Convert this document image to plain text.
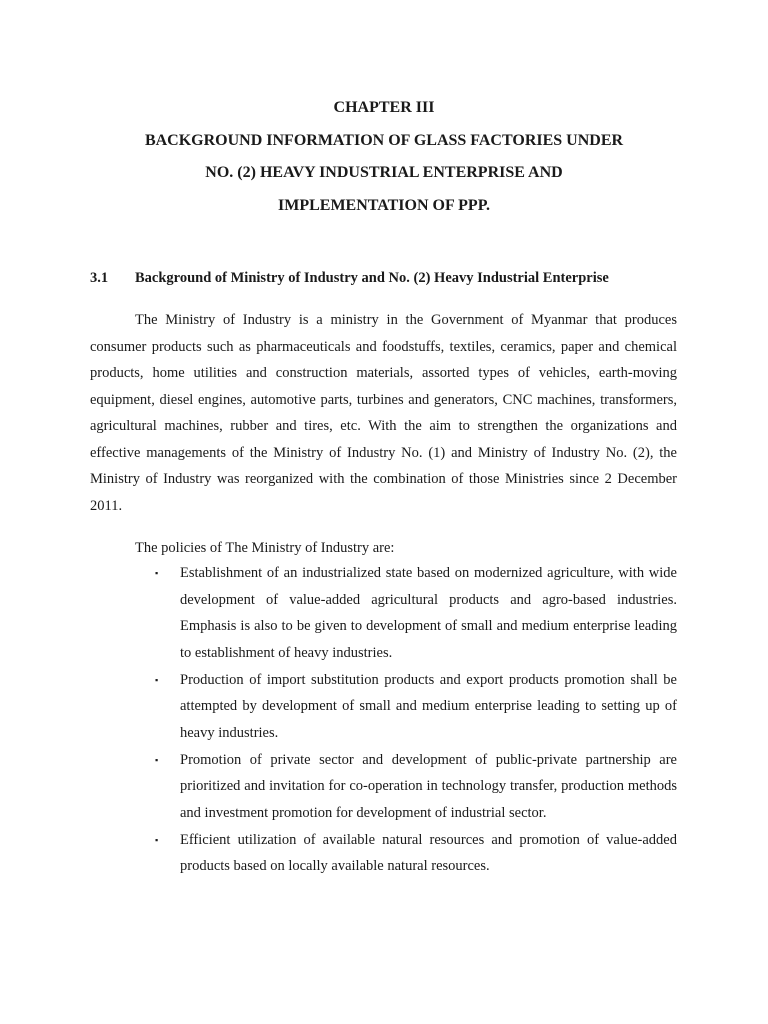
CHAPTER III
BACKGROUND INFORMATION OF GLASS FACTORIES UNDER
NO. (2) HEAVY INDUSTRIAL ENTERPRISE AND
IMPLEMENTATION OF PPP.
3.1 Background of Ministry of Industry and No. (2) Heavy Industrial Enterprise

The Ministry of Industry is a ministry in the Government of Myanmar that produces consumer products such as pharmaceuticals and foodstuffs, textiles, ceramics, paper and chemical products, home utilities and construction materials, assorted types of vehicles, earth-moving equipment, diesel engines, automotive parts, turbines and generators, CNC machines, transformers, agricultural machines, rubber and tires, etc. With the aim to strengthen the organizations and effective managements of the Ministry of Industry No. (1) and Ministry of Industry No. (2), the Ministry of Industry was reorganized with the combination of those Ministries since 2 December 2011.

The policies of The Ministry of Industry are:
▪ Establishment of an industrialized state based on modernized agriculture, with wide development of value-added agricultural products and agro-based industries. Emphasis is also to be given to development of small and medium enterprise leading to establishment of heavy industries.
▪ Production of import substitution products and export products promotion shall be attempted by development of small and medium enterprise leading to setting up of heavy industries.
▪ Promotion of private sector and development of public-private partnership are prioritized and invitation for co-operation in technology transfer, production methods and investment promotion for development of industrial sector.
▪ Efficient utilization of available natural resources and promotion of value-added products based on locally available natural resources.
